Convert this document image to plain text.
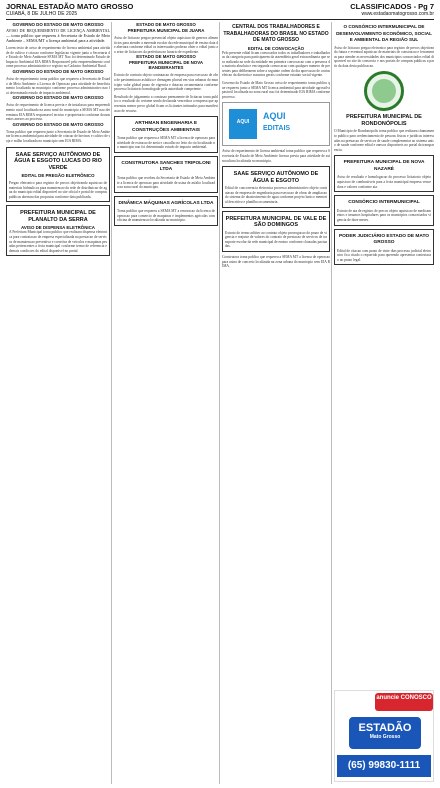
JORNAL ESTADÃO MATO GROSSO
CUIABÁ, 8 DE JULHO DE 2025
CLASSIFICADOS - Pg 7
www.estadaomatogrosso.com.br
GOVERNO DO ESTADO DE MATO GROSSO
AVISO DE REQUERIMENTO DE LICENÇA AMBIENTAL — torna público que requereu à Secretaria de Estado de Meio Ambiente – SEMA/MT a licença ambiental para a atividade.
Lorem texto de aviso de requerimento de licenca ambiental para atividade de cultivo e criacao conforme legislacao vigente junto a Secretaria de Estado de Meio Ambiente SEMA MT Nao foi determinado Estudo de Impacto Ambiental EIA RIMA Responsavel pelo empreendimento conforme processo administrativo e registro no Cadastro Ambiental Rural.
GOVERNO DO ESTADO DE MATO GROSSO
Aviso de requerimento torna publico que requereu a Secretaria de Estado de Meio Ambiente a Licenca de Operacao para atividade de beneficiamento localizada no municipio conforme processo administrativo nao foi determinado estudo de impacto ambiental.
GOVERNO DO ESTADO DE MATO GROSSO
Aviso de requerimento de licenca previa e de instalacao para empreendimento rural localizado na zona rural do municipio a SEMA MT nao determinou EIA RIMA responsavel tecnico e proprietario conforme documentos anexos ao processo.
GOVERNO DO ESTADO DE MATO GROSSO
Torna publico que requereu junto a Secretaria de Estado de Meio Ambiente licenca ambiental para atividade de criacao de bovinos e cultivo de soja e milho localizada no municipio sem EIA RIMA.
SAAE SERVIÇO AUTÔNOMO DE ÁGUA E ESGOTO LUCAS DO RIO VERDE
EDITAL DE PREGÃO ELETRÔNICO
Pregao eletronico para registro de precos objetivando aquisicao de materiais hidraulicos para manutencao da rede de distribuicao de agua do municipio edital disponivel no site oficial e portal de compras publicas abertura das propostas conforme data publicada.
PREFEITURA MUNICIPAL DE PLANALTO DA SERRA
AVISO DE DISPENSA ELETRÔNICA
A Prefeitura Municipal torna publico que realizara dispensa eletronica para contratacao de empresa especializada na prestacao de servicos de manutencao preventiva e corretiva de veiculos e maquinas pesadas pertencentes a frota municipal conforme termo de referencia e demais condicoes do edital disponivel no portal.
ESTADO DE MATO GROSSO
PREFEITURA MUNICIPAL DE JUARA
Aviso de licitacao pregao presencial objeto aquisicao de generos alimenticios para atender a merenda escolar da rede municipal de ensino data de abertura conforme edital os interessados poderao obter o edital junto ao setor de licitacoes da prefeitura no horario de expediente.
ESTADO DE MATO GROSSO
PREFEITURA MUNICIPAL DE NOVA BANDEIRANTES
Extrato de contrato objeto contratacao de empresa para execucao de obra de pavimentacao asfaltica e drenagem pluvial em vias urbanas do municipio valor global prazo de vigencia e dotacao orcamentaria conforme processo licitatorio homologado pela autoridade competente.
Resultado de julgamento a comissao permanente de licitacao torna publico o resultado do certame sendo declarada vencedora a empresa que apresentou menor preco global ficam os licitantes intimados para manifestacao de recurso.
ARTHMAN ENGENHARIA E CONSTRUÇÕES AMBIENTAIS
Torna publico que requereu a SEMA MT a licenca de operacao para atividade de extracao de areia e cascalho no leito do rio localizado no municipio nao foi determinado estudo de impacto ambiental.
CONSTRUTORA SANCHES TRIPOLONI LTDA
Torna publico que recebeu da Secretaria de Estado de Meio Ambiente a licenca de operacao para atividade de usina de asfalto localizada na zona rural do municipio.
DINÂMICA MÁQUINAS AGRÍCOLAS LTDA
Torna publico que requereu a SEMA MT a renovacao da licenca de operacao para comercio de maquinas e implementos agricolas com oficina de manutencao localizada no municipio.
CENTRAL DOS TRABALHADORES E TRABALHADORAS DO BRASIL NO ESTADO DE MATO GROSSO
EDITAL DE CONVOCAÇÃO
Pelo presente edital ficam convocados todos os trabalhadores e trabalhadoras da categoria para participarem da assembleia geral extraordinaria que sera realizada na sede da entidade em primeira convocacao com a presenca da maioria absoluta e em segunda convocacao com qualquer numero de presentes para deliberarem sobre a seguinte ordem do dia aprovacao de contas eleicao da diretoria e assuntos gerais conforme estatuto social vigente.
Governo do Estado de Mato Grosso aviso de requerimento torna publico que requereu junto a SEMA MT licenca ambiental para atividade agrossilvipastoril localizada na zona rural nao foi determinado EIA RIMA conforme processo.
AQUI
AQUI
EDITAIS
Aviso de requerimento de licenca ambiental torna publico que requereu a Secretaria de Estado de Meio Ambiente licenca previa para atividade de suinocultura localizada no municipio.
SAAE SERVIÇO AUTÔNOMO DE ÁGUA E ESGOTO
Edital de concorrencia eletronica processo administrativo objeto contratacao de empresa de engenharia para execucao de obras de ampliacao do sistema de abastecimento de agua conforme projeto basico memorial descritivo e planilha orcamentaria.
PREFEITURA MUNICIPAL DE VALE DE SÃO DOMINGOS
Extrato do termo aditivo ao contrato objeto prorrogacao do prazo de vigencia e reajuste de valores do contrato de prestacao de servicos de transporte escolar da rede municipal de ensino conforme clausulas pactuadas.
Construtora torna publico que requereu a SEMA MT a licenca de operacao para usina de concreto localizada na zona urbana do municipio sem EIA RIMA.
O CONSÓRCIO INTERMUNICIPAL DE DESENVOLVIMENTO ECONÔMICO, SOCIAL E AMBIENTAL DA REGIÃO SUL
Aviso de licitacao pregao eletronico para registro de precos objetivando futura e eventual aquisicao de materiais de construcao e ferramentas para atender as necessidades dos municipios consorciados edital disponivel no site do consorcio e nos portais de compras publicas a partir da data desta publicacao.
PREFEITURA MUNICIPAL DE RONDONÓPOLIS
O Municipio de Rondonopolis torna publico que realizara chamamento publico para credenciamento de pessoas fisicas e juridicas interessadas na prestacao de servicos de saude complementar ao sistema unico de saude conforme edital e anexos disponiveis no portal da transparencia.
PREFEITURA MUNICIPAL DE NOVA NAZARÉ
Aviso de resultado e homologacao do processo licitatorio objeto aquisicao de combustiveis para a frota municipal empresa vencedora e valores conforme ata.
CONSÓRCIO INTERMUNICIPAL
Extrato de ata de registro de precos objeto aquisicao de medicamentos e insumos hospitalares para os municipios consorciados vigencia de doze meses.
PODER JUDICIÁRIO ESTADO DE MATO GROSSO
Edital de citacao com prazo de vinte dias processo judicial eletronico fica citado o requerido para querendo apresentar contestacao no prazo legal.
anuncie CONOSCO
ESTADÃO
Mato Grosso
(65) 99830-1111
